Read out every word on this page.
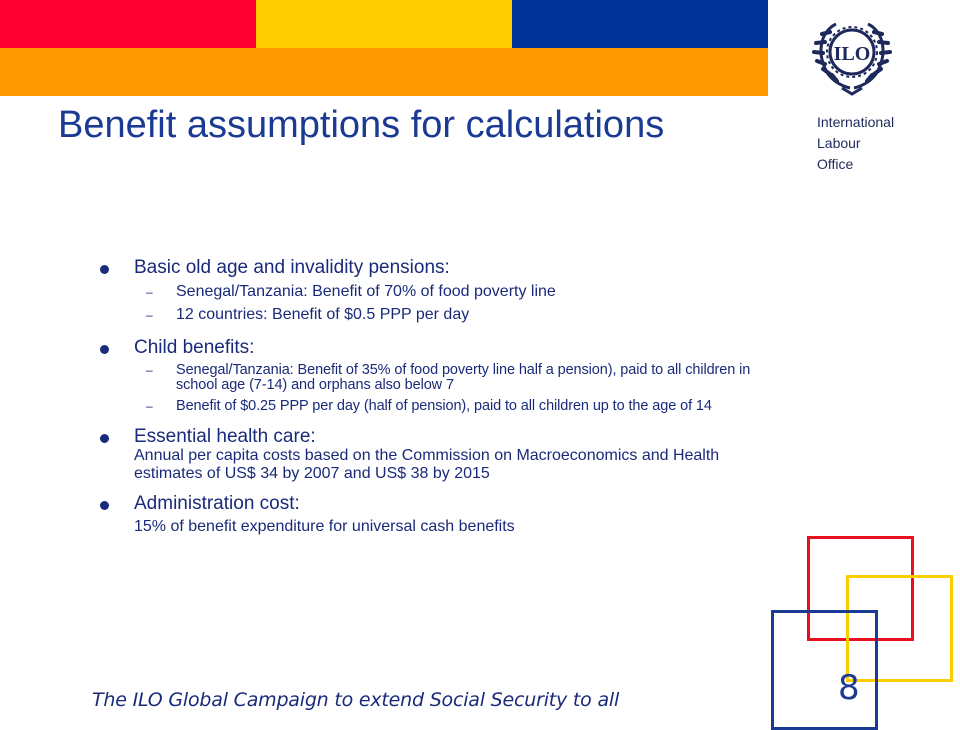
ILO
International
Labour
Office
Benefit assumptions for calculations
Basic old age and invalidity pensions:
– Senegal/Tanzania: Benefit of 70% of food poverty line
– 12 countries: Benefit of $0.5 PPP per day
Child benefits:
– Senegal/Tanzania: Benefit of 35% of food poverty line half a pension), paid to all children in school age (7-14) and orphans also below 7
– Benefit of $0.25 PPP per day (half of pension), paid to all children up to the age of 14
Essential health care:
Annual per capita costs based on the Commission on Macroeconomics and Health estimates of US$ 34 by 2007 and US$ 38 by 2015
Administration cost:
15% of benefit expenditure for universal cash benefits
8
The ILO Global Campaign to extend Social Security to all
